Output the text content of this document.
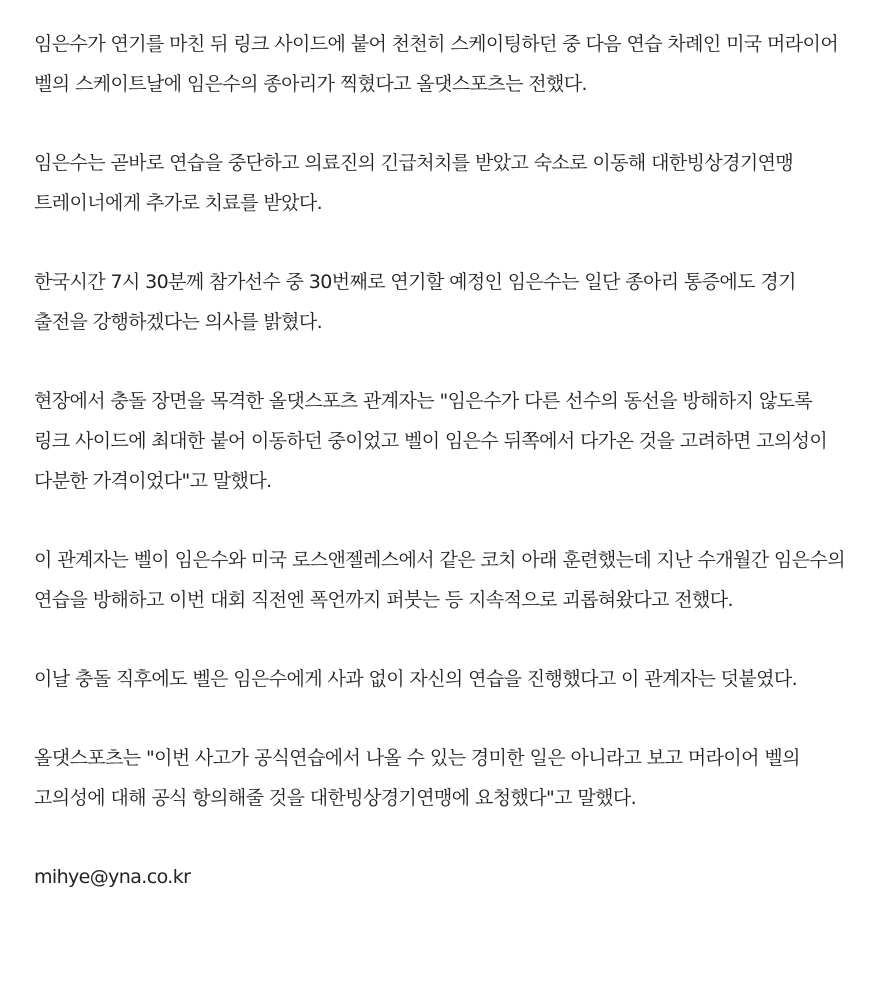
임은수가 연기를 마친 뒤 링크 사이드에 붙어 천천히 스케이팅하던 중 다음 연습 차례인 미국 머라이어 벨의 스케이트날에 임은수의 종아리가 찍혔다고 올댓스포츠는 전했다.

임은수는 곧바로 연습을 중단하고 의료진의 긴급처치를 받았고 숙소로 이동해 대한빙상경기연맹 트레이너에게 추가로 치료를 받았다.

한국시간 7시 30분께 참가선수 중 30번째로 연기할 예정인 임은수는 일단 종아리 통증에도 경기 출전을 강행하겠다는 의사를 밝혔다.

현장에서 충돌 장면을 목격한 올댓스포츠 관계자는 "임은수가 다른 선수의 동선을 방해하지 않도록 링크 사이드에 최대한 붙어 이동하던 중이었고 벨이 임은수 뒤쪽에서 다가온 것을 고려하면 고의성이 다분한 가격이었다"고 말했다.

이 관계자는 벨이 임은수와 미국 로스앤젤레스에서 같은 코치 아래 훈련했는데 지난 수개월간 임은수의 연습을 방해하고 이번 대회 직전엔 폭언까지 퍼붓는 등 지속적으로 괴롭혀왔다고 전했다.

이날 충돌 직후에도 벨은 임은수에게 사과 없이 자신의 연습을 진행했다고 이 관계자는 덧붙였다.

올댓스포츠는 "이번 사고가 공식연습에서 나올 수 있는 경미한 일은 아니라고 보고 머라이어 벨의 고의성에 대해 공식 항의해줄 것을 대한빙상경기연맹에 요청했다"고 말했다.

mihye@yna.co.kr
